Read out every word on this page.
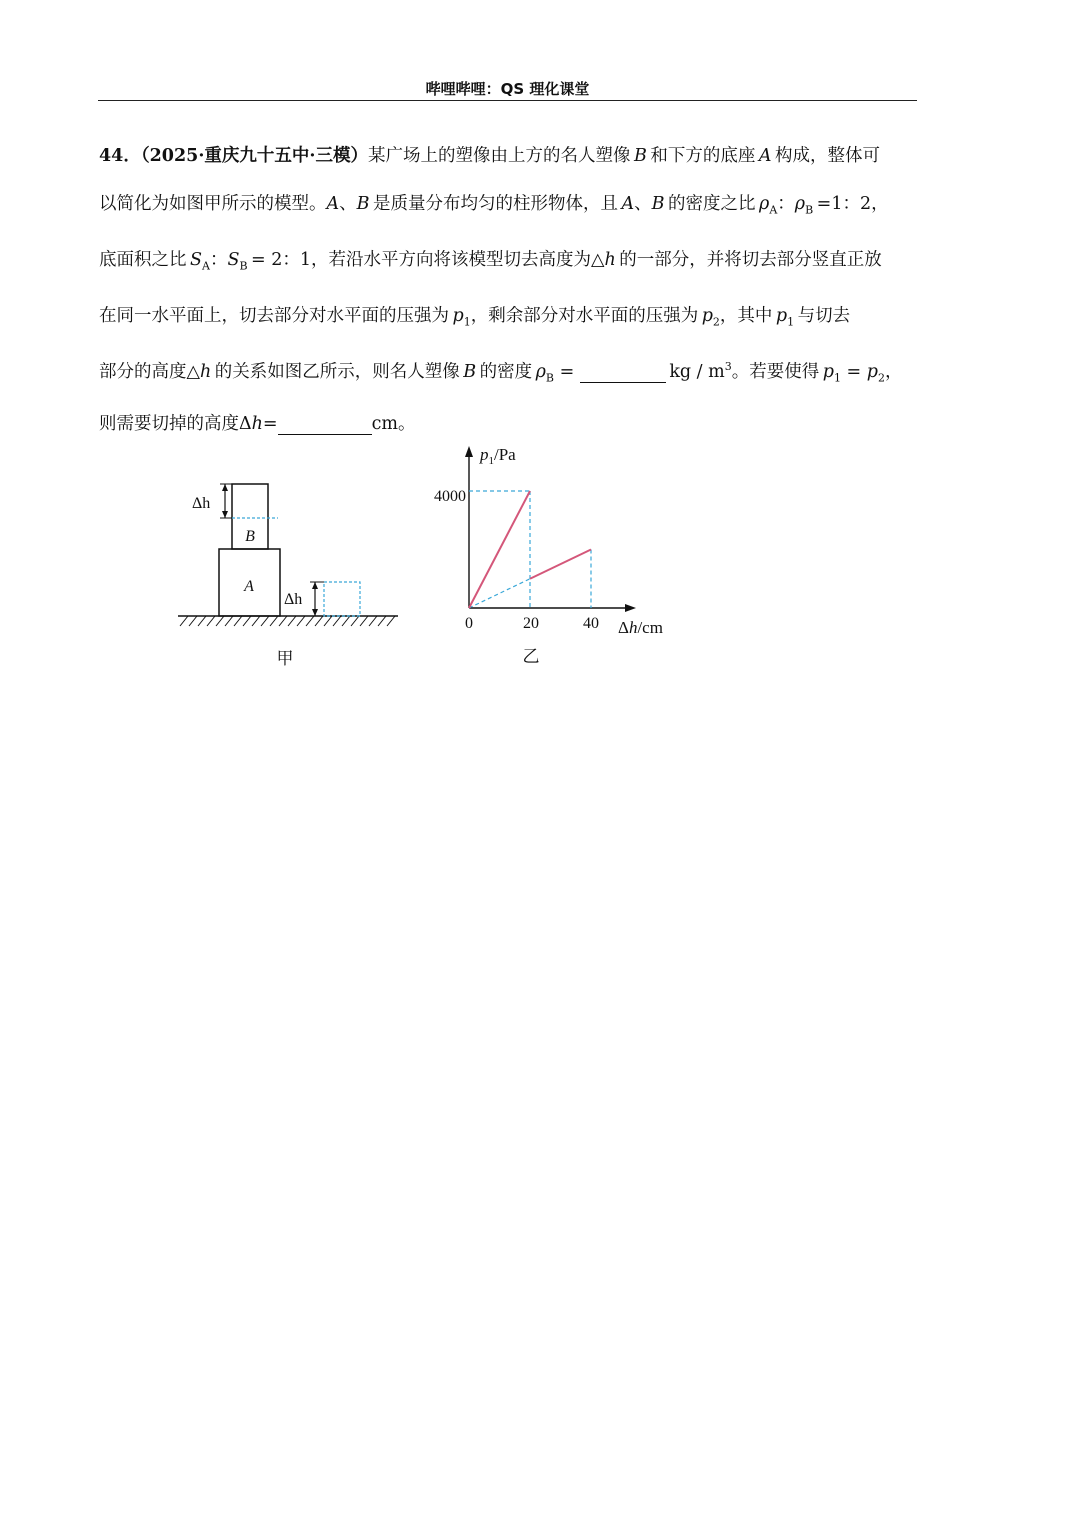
哔哩哔哩：QS 理化课堂
44．（2025·重庆九十五中·三模）某广场上的塑像由上方的名人塑像  B  和下方的底座  A  构成，整体可
以简化为如图甲所示的模型。A、B  是质量分布均匀的柱形物体，且  A、B  的密度之比  $\rho_A$：$\rho_B =1$：2，
底面积之比  $S_A$：$S_B = 2$：1，若沿水平方向将该模型切去高度为△h  的一部分，并将切去部分竖直正放
在同一水平面上，切去部分对水平面的压强为  $p_1$，剩余部分对水平面的压强为  $p_2$，其中  $p_1$  与切去
部分的高度△h  的关系如图乙所示，则名人塑像  B  的密度  $\rho_B$ =   	kg / $m^3$。若要使得  $p_1 = p_2$，
则需要切掉的高度Δh=	cm。
A
B
Δh
Δh
甲
$p_1/Pa$
Δh/cm
0
4000
20	40
乙
